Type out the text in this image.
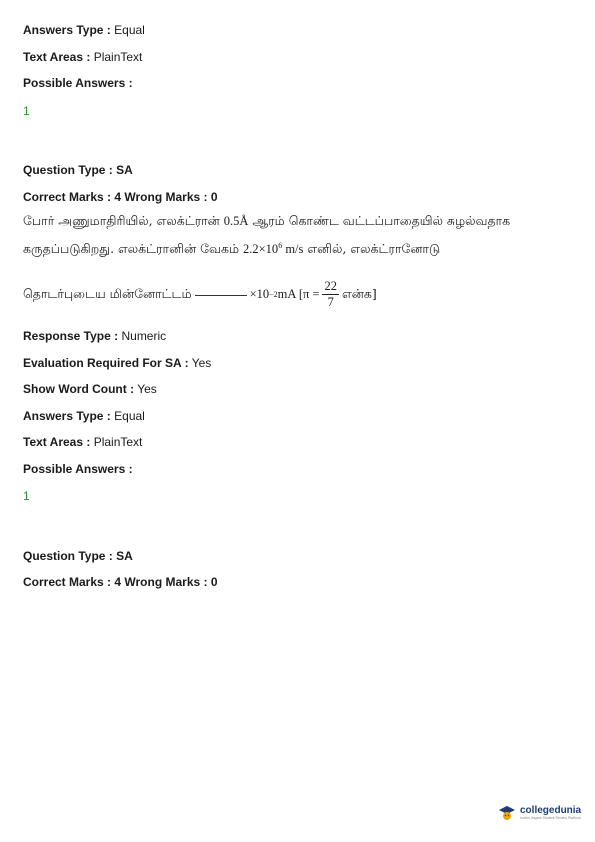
Answers Type : Equal
Text Areas : PlainText
Possible Answers :
1
Question Type : SA
Correct Marks : 4 Wrong Marks : 0
போர் அணுமாதிரியில், எலக்ட்ரான் 0.5Å ஆரம் கொண்ட வட்டப்பாதையில் சுழல்வதாக
கருதப்படுகிறது. எலக்ட்ரானின் வேகம் $2.2\times 10^6$ m/s எனில், எலக்ட்ரானோடு
தொடர்புடைய மின்னோட்டம்	×10 −2 mA [$\pi = \frac{22}{7}$ என்க]
Response Type : Numeric
Evaluation Required For SA : Yes
Show Word Count : Yes
Answers Type : Equal
Text Areas : PlainText
Possible Answers :
1
Question Type : SA
Correct Marks : 4 Wrong Marks : 0
collegedunia
India's largest Student Review Platform
